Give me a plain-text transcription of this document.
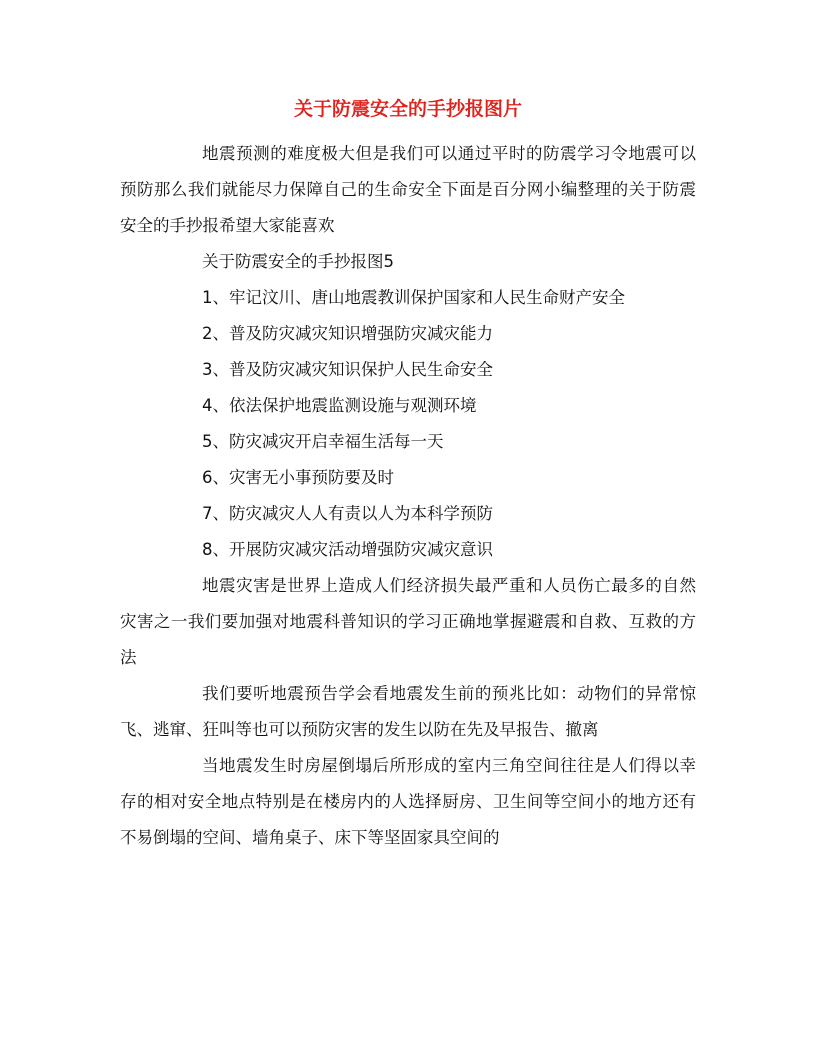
关于防震安全的手抄报图片

地震预测的难度极大但是我们可以通过平时的防震学习令地震可以预防那么我们就能尽力保障自己的生命安全下面是百分网小编整理的关于防震安全的手抄报希望大家能喜欢

关于防震安全的手抄报图5

1、牢记汶川、唐山地震教训保护国家和人民生命财产安全

2、普及防灾减灾知识增强防灾减灾能力

3、普及防灾减灾知识保护人民生命安全

4、依法保护地震监测设施与观测环境

5、防灾减灾开启幸福生活每一天

6、灾害无小事预防要及时

7、防灾减灾人人有责以人为本科学预防

8、开展防灾减灾活动增强防灾减灾意识

地震灾害是世界上造成人们经济损失最严重和人员伤亡最多的自然灾害之一我们要加强对地震科普知识的学习正确地掌握避震和自救、互救的方法

我们要听地震预告学会看地震发生前的预兆比如：动物们的异常惊飞、逃窜、狂叫等也可以预防灾害的发生以防在先及早报告、撤离

当地震发生时房屋倒塌后所形成的室内三角空间往往是人们得以幸存的相对安全地点特别是在楼房内的人选择厨房、卫生间等空间小的地方还有不易倒塌的空间、墙角桌子、床下等坚固家具空间的
